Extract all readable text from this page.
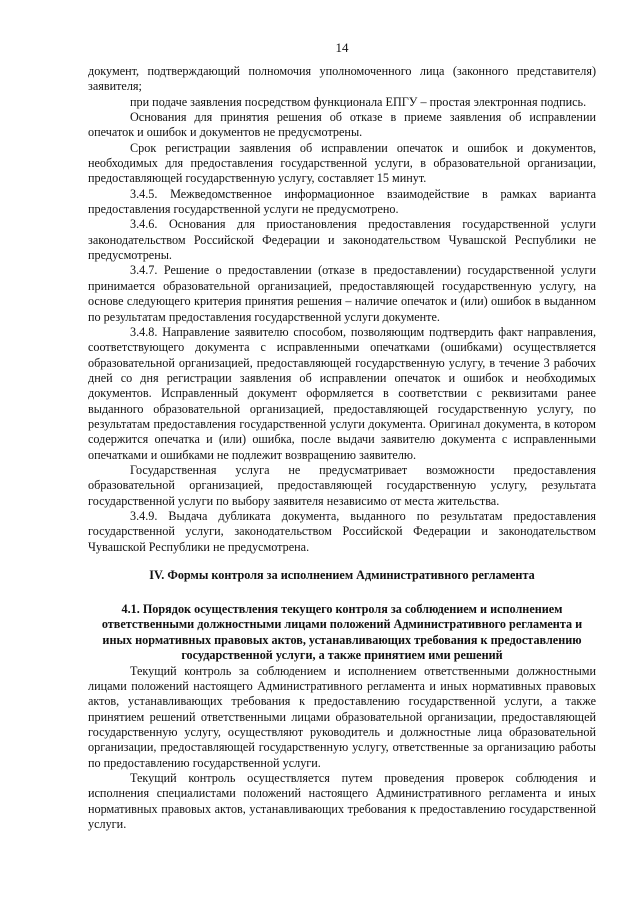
14

документ, подтверждающий полномочия уполномоченного лица (законного представителя) заявителя;

при подаче заявления посредством функционала ЕПГУ – простая электронная подпись.

Основания для принятия решения об отказе в приеме заявления об исправлении опечаток и ошибок и документов не предусмотрены.

Срок регистрации заявления об исправлении опечаток и ошибок и документов, необходимых для предоставления государственной услуги, в образовательной организации, предоставляющей государственную услугу, составляет 15 минут.

3.4.5. Межведомственное информационное взаимодействие в рамках варианта предоставления государственной услуги не предусмотрено.

3.4.6. Основания для приостановления предоставления государственной услуги законодательством Российской Федерации и законодательством Чувашской Республики не предусмотрены.

3.4.7. Решение о предоставлении (отказе в предоставлении) государственной услуги принимается образовательной организацией, предоставляющей государственную услугу, на основе следующего критерия принятия решения – наличие опечаток и (или) ошибок в выданном по результатам предоставления государственной услуги документе.

3.4.8. Направление заявителю способом, позволяющим подтвердить факт направления, соответствующего документа с исправленными опечатками (ошибками) осуществляется образовательной организацией, предоставляющей государственную услугу, в течение 3 рабочих дней со дня регистрации заявления об исправлении опечаток и ошибок и необходимых документов. Исправленный документ оформляется в соответствии с реквизитами ранее выданного образовательной организацией, предоставляющей государственную услугу, по результатам предоставления государственной услуги документа. Оригинал документа, в котором содержится опечатка и (или) ошибка, после выдачи заявителю документа с исправленными опечатками и ошибками не подлежит возвращению заявителю.

Государственная услуга не предусматривает возможности предоставления образовательной организацией, предоставляющей государственную услугу, результата государственной услуги по выбору заявителя независимо от места жительства.

3.4.9. Выдача дубликата документа, выданного по результатам предоставления государственной услуги, законодательством Российской Федерации и законодательством Чувашской Республики не предусмотрена.

IV. Формы контроля за исполнением Административного регламента
4.1. Порядок осуществления текущего контроля за соблюдением и исполнением ответственными должностными лицами положений Административного регламента и иных нормативных правовых актов, устанавливающих требования к предоставлению государственной услуги, а также принятием ими решений

Текущий контроль за соблюдением и исполнением ответственными должностными лицами положений настоящего Административного регламента и иных нормативных правовых актов, устанавливающих требования к предоставлению государственной услуги, а также принятием решений ответственными лицами образовательной организации, предоставляющей государственную услугу, осуществляют руководитель и должностные лица образовательной организации, предоставляющей государственную услугу, ответственные за организацию работы по предоставлению государственной услуги.

Текущий контроль осуществляется путем проведения проверок соблюдения и исполнения специалистами положений настоящего Административного регламента и иных нормативных правовых актов, устанавливающих требования к предоставлению государственной услуги.
